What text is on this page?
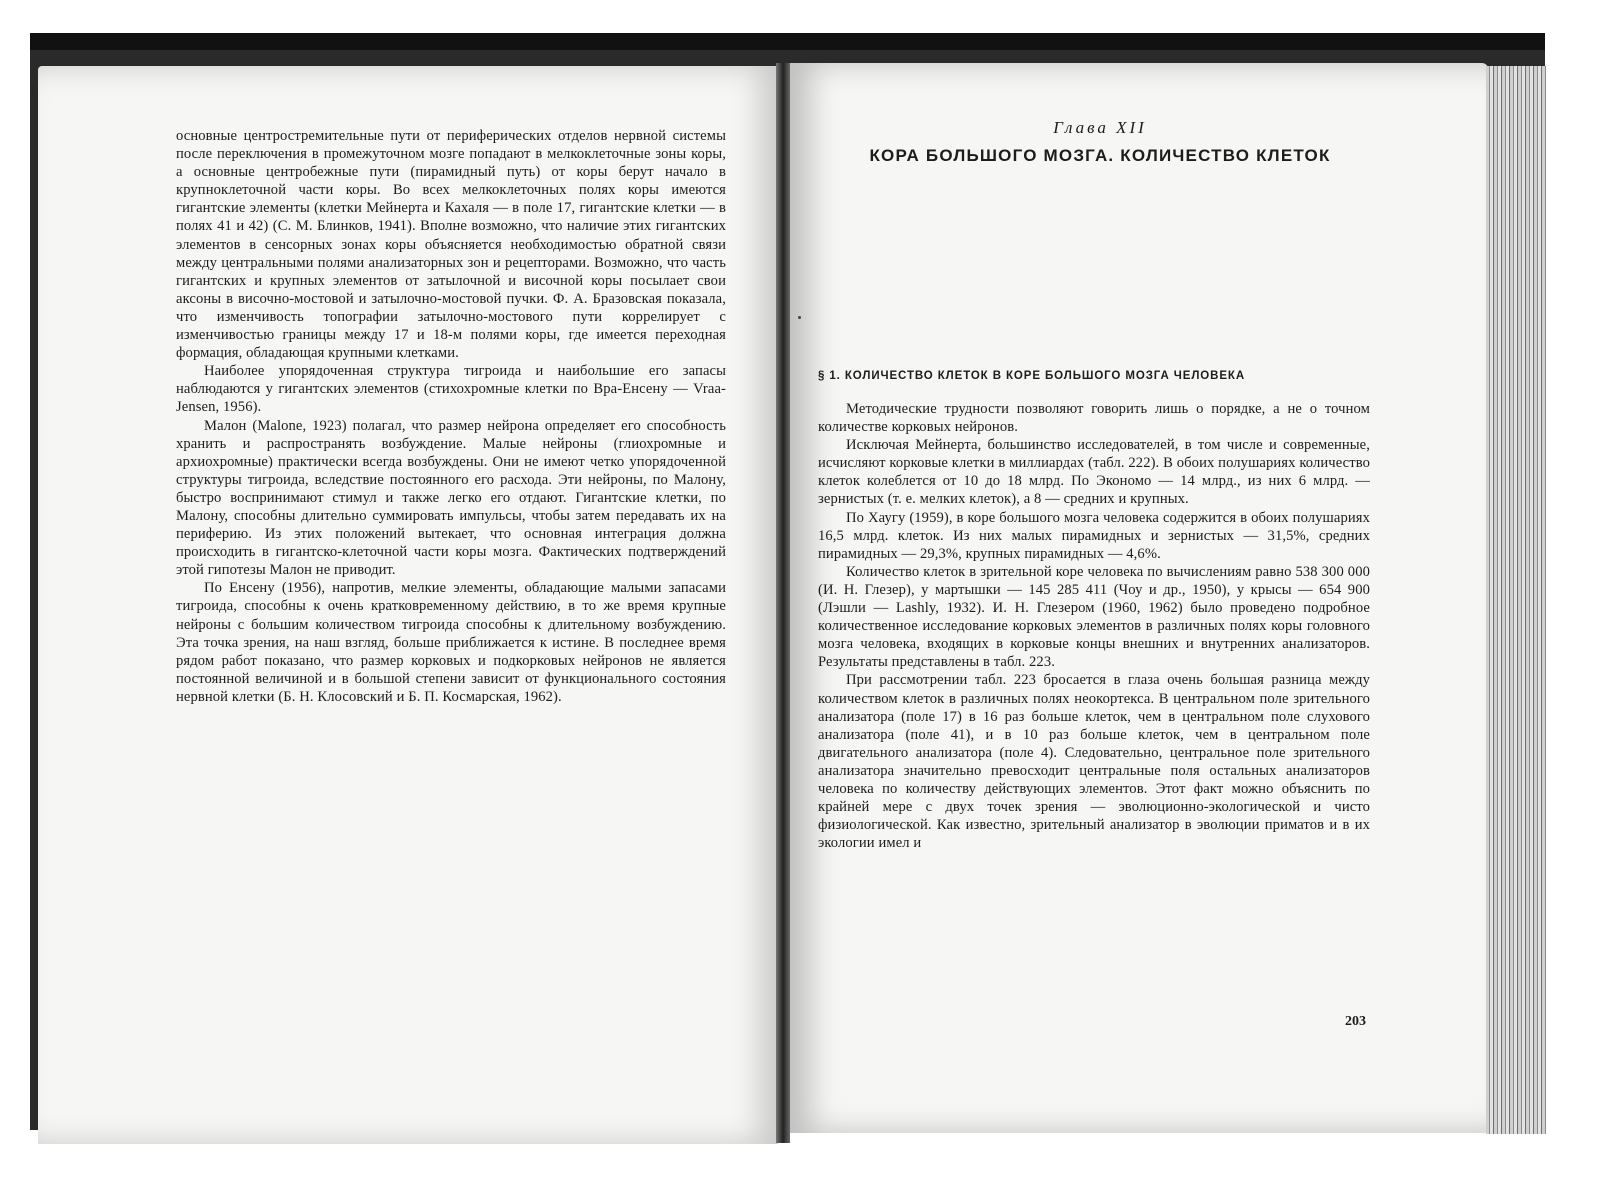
основные центростремительные пути от периферических отделов нервной системы после переключения в промежуточном мозге попадают в мелкоклеточные зоны коры, а основные центробежные пути (пирамидный путь) от коры берут начало в крупноклеточной части коры. Во всех мелкоклеточных полях коры имеются гигантские элементы (клетки Мейнерта и Кахаля — в поле 17, гигантские клетки — в полях 41 и 42) (С. М. Блинков, 1941). Вполне возможно, что наличие этих гигантских элементов в сенсорных зонах коры объясняется необходимостью обратной связи между центральными полями анализаторных зон и рецепторами. Возможно, что часть гигантских и крупных элементов от затылочной и височной коры посылает свои аксоны в височно-мостовой и затылочно-мостовой пучки. Ф. А. Бразовская показала, что изменчивость топографии затылочно-мостового пути коррелирует с изменчивостью границы между 17 и 18-м полями коры, где имеется переходная формация, обладающая крупными клетками.

Наиболее упорядоченная структура тигроида и наибольшие его запасы наблюдаются у гигантских элементов (стихохромные клетки по Вра-Енсену — Vraa-Jensen, 1956).

Малон (Malone, 1923) полагал, что размер нейрона определяет его способность хранить и распространять возбуждение. Малые нейроны (глиохромные и архиохромные) практически всегда возбуждены. Они не имеют четко упорядоченной структуры тигроида, вследствие постоянного его расхода. Эти нейроны, по Малону, быстро воспринимают стимул и также легко его отдают. Гигантские клетки, по Малону, способны длительно суммировать импульсы, чтобы затем передавать их на периферию. Из этих положений вытекает, что основная интеграция должна происходить в гигантско-клеточной части коры мозга. Фактических подтверждений этой гипотезы Малон не приводит.

По Енсену (1956), напротив, мелкие элементы, обладающие малыми запасами тигроида, способны к очень кратковременному действию, в то же время крупные нейроны с большим количеством тигроида способны к длительному возбуждению. Эта точка зрения, на наш взгляд, больше приближается к истине. В последнее время рядом работ показано, что размер корковых и подкорковых нейронов не является постоянной величиной и в большой степени зависит от функционального состояния нервной клетки (Б. Н. Клосовский и Б. П. Космарская, 1962).

Глава XII
КОРА БОЛЬШОГО МОЗГА. КОЛИЧЕСТВО КЛЕТОК
§ 1. КОЛИЧЕСТВО КЛЕТОК В КОРЕ БОЛЬШОГО МОЗГА ЧЕЛОВЕКА

Методические трудности позволяют говорить лишь о порядке, а не о точном количестве корковых нейронов.

Исключая Мейнерта, большинство исследователей, в том числе и современные, исчисляют корковые клетки в миллиардах (табл. 222). В обоих полушариях количество клеток колеблется от 10 до 18 млрд. По Экономо — 14 млрд., из них 6 млрд. — зернистых (т. е. мелких клеток), а 8 — средних и крупных.

По Хаугу (1959), в коре большого мозга человека содержится в обоих полушариях 16,5 млрд. клеток. Из них малых пирамидных и зернистых — 31,5%, средних пирамидных — 29,3%, крупных пирамидных — 4,6%.

Количество клеток в зрительной коре человека по вычислениям равно 538 300 000 (И. Н. Глезер), у мартышки — 145 285 411 (Чоу и др., 1950), у крысы — 654 900 (Лэшли — Lashly, 1932). И. Н. Глезером (1960, 1962) было проведено подробное количественное исследование корковых элементов в различных полях коры головного мозга человека, входящих в корковые концы внешних и внутренних анализаторов. Результаты представлены в табл. 223.

При рассмотрении табл. 223 бросается в глаза очень большая разница между количеством клеток в различных полях неокортекса. В центральном поле зрительного анализатора (поле 17) в 16 раз больше клеток, чем в центральном поле слухового анализатора (поле 41), и в 10 раз больше клеток, чем в центральном поле двигательного анализатора (поле 4). Следовательно, центральное поле зрительного анализатора значительно превосходит центральные поля остальных анализаторов человека по количеству действующих элементов. Этот факт можно объяснить по крайней мере с двух точек зрения — эволюционно-экологической и чисто физиологической. Как известно, зрительный анализатор в эволюции приматов и в их экологии имел и

203
